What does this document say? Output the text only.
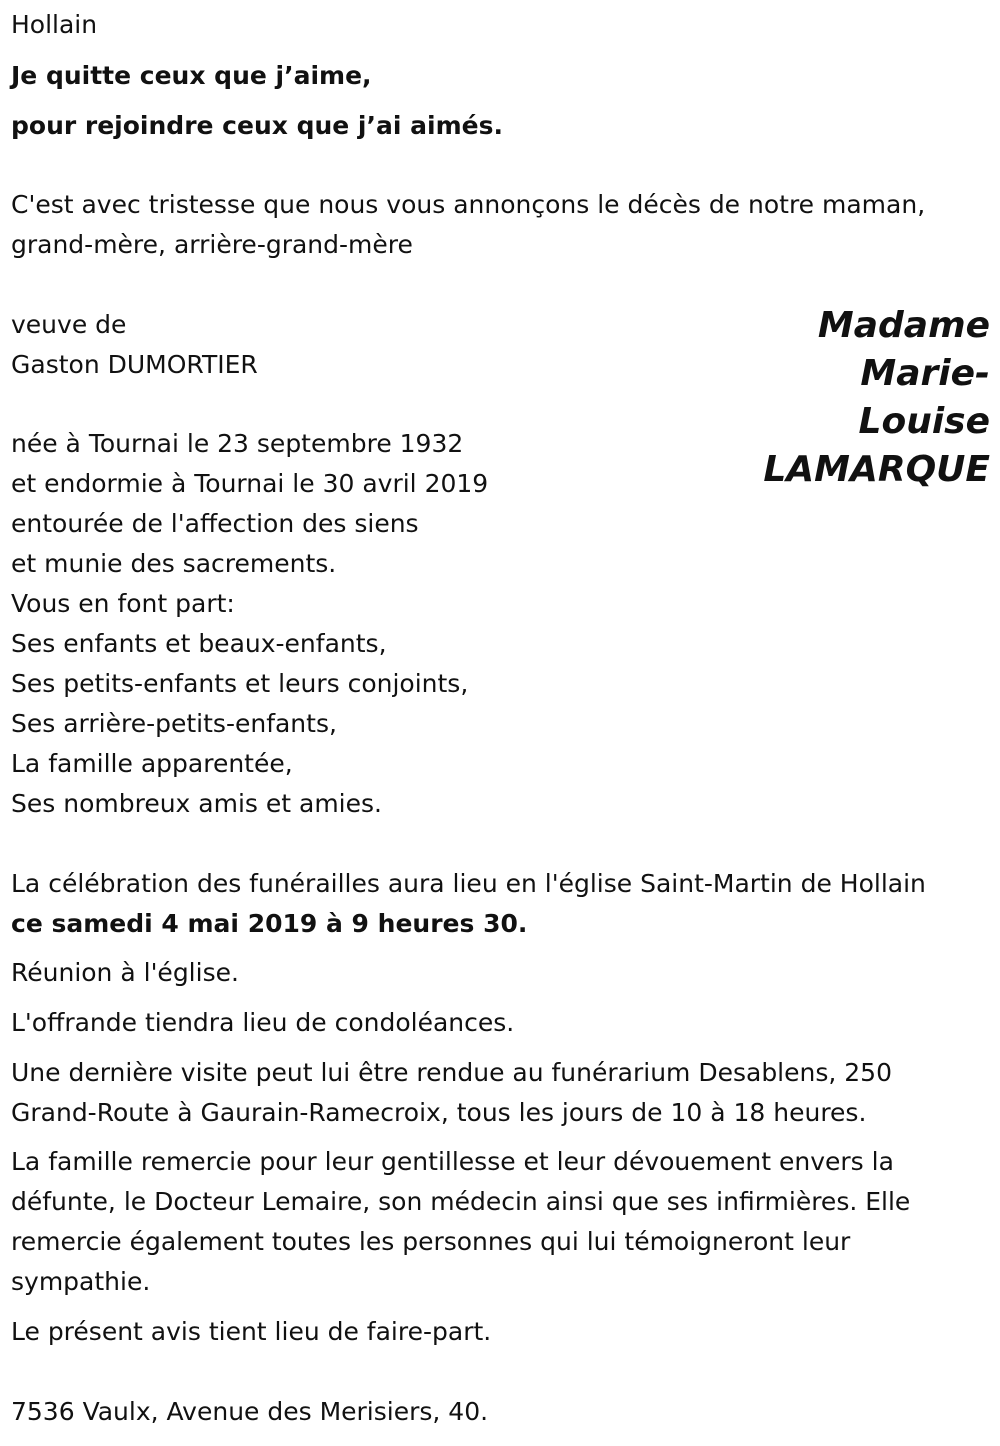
Hollain
Je quitte ceux que j’aime,
pour rejoindre ceux que j’ai aimés.
C'est avec tristesse que nous vous annonçons le décès de notre maman,
grand-mère, arrière-grand-mère
veuve de
Gaston DUMORTIER
Madame
Marie-
Louise
LAMARQUE
née à Tournai le 23 septembre 1932
et endormie à Tournai le 30 avril 2019
entourée de l'affection des siens
et munie des sacrements.
Vous en font part:
Ses enfants et beaux-enfants,
Ses petits-enfants et leurs conjoints,
Ses arrière-petits-enfants,
La famille apparentée,
Ses nombreux amis et amies.
La célébration des funérailles aura lieu en l'église Saint-Martin de Hollain
ce samedi 4 mai 2019 à 9 heures 30.
Réunion à l'église.
L'offrande tiendra lieu de condoléances.
Une dernière visite peut lui être rendue au funérarium Desablens, 250
Grand-Route à Gaurain-Ramecroix, tous les jours de 10 à 18 heures.
La famille remercie pour leur gentillesse et leur dévouement envers la
défunte, le Docteur Lemaire, son médecin ainsi que ses infirmières. Elle
remercie également toutes les personnes qui lui témoigneront leur
sympathie.
Le présent avis tient lieu de faire-part.
7536 Vaulx, Avenue des Merisiers, 40.
